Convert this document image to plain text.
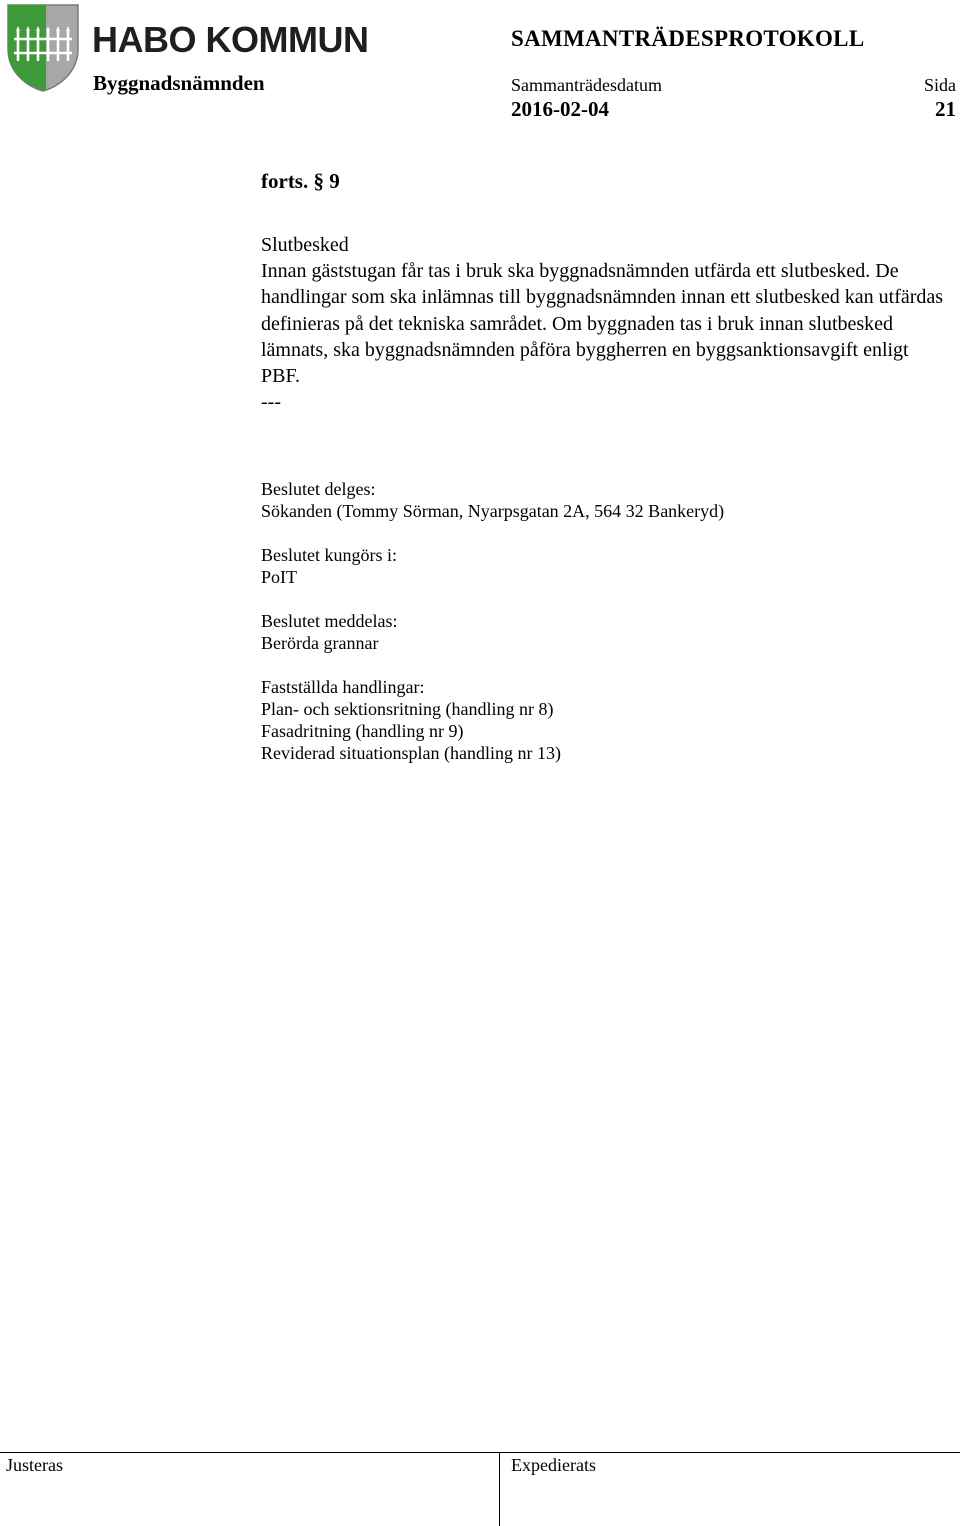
HABO KOMMUN
Byggnadsnämnden
SAMMANTRÄDESPROTOKOLL
Sammanträdesdatum
2016-02-04
Sida
21
forts. § 9
Slutbesked

Innan gäststugan får tas i bruk ska byggnadsnämnden utfärda ett slutbesked. De handlingar som ska inlämnas till byggnadsnämnden innan ett slutbesked kan utfärdas definieras på det tekniska samrådet. Om byggnaden tas i bruk innan slutbesked lämnats, ska byggnadsnämnden påföra byggherren en byggsanktionsavgift enligt PBF.

---
Beslutet delges:
Sökanden (Tommy Sörman, Nyarpsgatan 2A, 564 32 Bankeryd)
Beslutet kungörs i:
PoIT
Beslutet meddelas:
Berörda grannar
Fastställda handlingar:
Plan- och sektionsritning (handling nr 8)
Fasadritning (handling nr 9)
Reviderad situationsplan (handling nr 13)
Justeras	Expedierats
